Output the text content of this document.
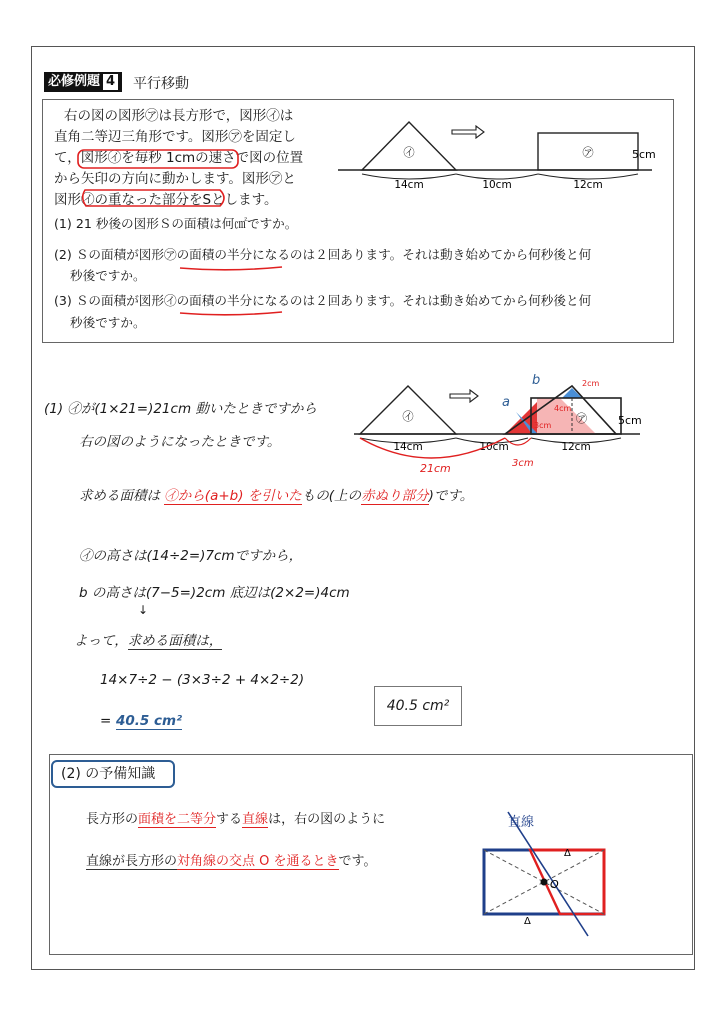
必修例題 4	平行移動
右の図の図形㋐は長方形で，図形㋑は
直角二等辺三角形です。図形㋐を固定し
て，図形㋑を毎秒 1cmの速さで図の位置
から矢印の方向に動かします。図形㋐と
図形㋑の重なった部分をSとします。
(1) 21 秒後の図形Ｓの面積は何㎠ですか。
(2) Ｓの面積が図形㋐の面積の半分になるのは２回あります。それは動き始めてから何秒後と何
秒後ですか。
(3) Ｓの面積が図形㋑の面積の半分になるのは２回あります。それは動き始めてから何秒後と何
秒後ですか。
㋑	㋐	5cm
14cm	10cm	12cm
(1) ㋑が(1×21=)21cm 動いたときですから
右の図のようになったときです。
求める面積は ㋑から(a+b) を引いたもの(上の赤ぬり部分)です。
㋑の高さは(14÷2=)7cmですから，
b の高さは(7−5=)2cm 底辺は(2×2=)4cm
↓
よって，求める面積は，
14×7÷2 − (3×3÷2 + 4×2÷2)
= 40.5 cm²
40.5 cm²
㋑	㋐	5cm
a
b	2cm
4cm
3cm
14cm	10cm	12cm
21cm	3cm
(2) の予備知識
長方形の面積を二等分する直線は，右の図のように
直線が長方形の対角線の交点 O を通るときです。
O
直線
Δ
Δ
